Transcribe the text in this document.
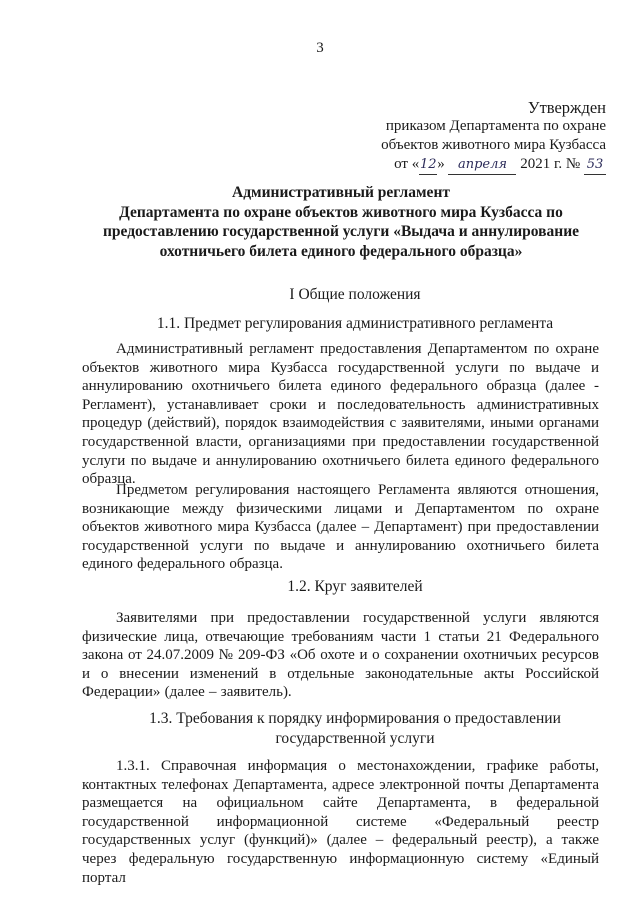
3
Утвержден
приказом Департамента по охране
объектов животного мира Кузбасса
от «12» апреля 2021 г. № 53
Административный регламент
Департамента по охране объектов животного мира Кузбасса по
предоставлению государственной услуги «Выдача и аннулирование
охотничьего билета единого федерального образца»
I Общие положения
1.1. Предмет регулирования административного регламента
Административный регламент предоставления Департаментом по охране объектов животного мира Кузбасса государственной услуги по выдаче и аннулированию охотничьего билета единого федерального образца (далее - Регламент), устанавливает сроки и последовательность административных процедур (действий), порядок взаимодействия с заявителями, иными органами государственной власти, организациями при предоставлении государственной услуги по выдаче и аннулированию охотничьего билета единого федерального образца.
Предметом регулирования настоящего Регламента являются отношения, возникающие между физическими лицами и Департаментом по охране объектов животного мира Кузбасса (далее – Департамент) при предоставлении государственной услуги по выдаче и аннулированию охотничьего билета единого федерального образца.
1.2. Круг заявителей
Заявителями при предоставлении государственной услуги являются физические лица, отвечающие требованиям части 1 статьи 21 Федерального закона от 24.07.2009 № 209-ФЗ «Об охоте и о сохранении охотничьих ресурсов и о внесении изменений в отдельные законодательные акты Российской Федерации» (далее – заявитель).
1.3. Требования к порядку информирования о предоставлении
государственной услуги
1.3.1. Справочная информация о местонахождении, графике работы, контактных телефонах Департамента, адресе электронной почты Департамента размещается на официальном сайте Департамента, в федеральной государственной информационной системе «Федеральный реестр государственных услуг (функций)» (далее – федеральный реестр), а также через федеральную государственную информационную систему «Единый портал
